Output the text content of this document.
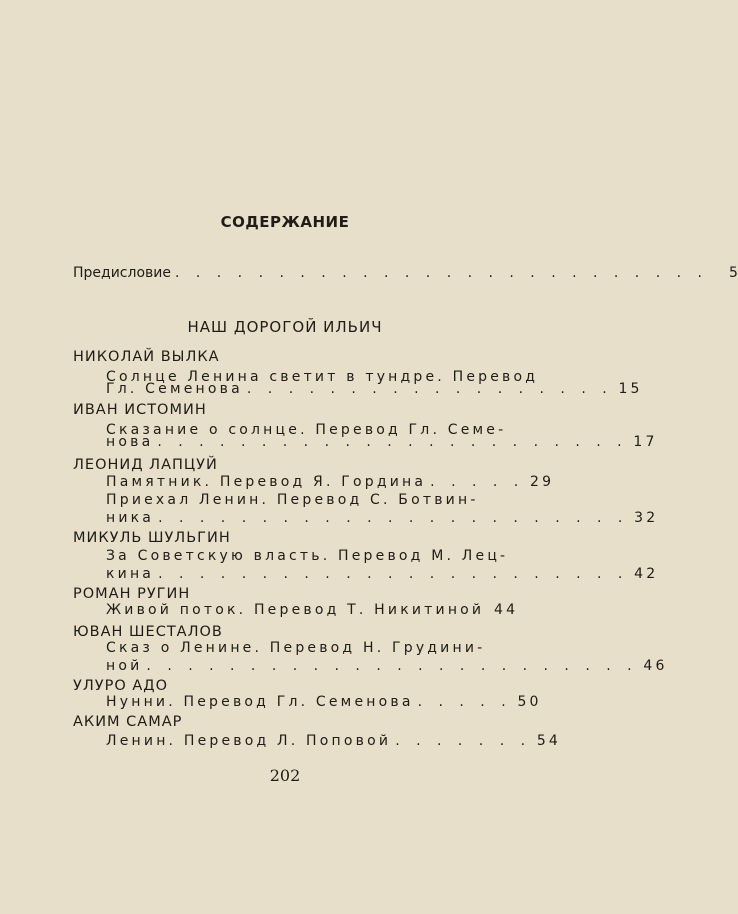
СОДЕРЖАНИЕ
Предисловие . . . . . . . . . . . . . . . . . . . . . . . . . .	5
НАШ ДОРОГОЙ ИЛЬИЧ
НИКОЛАЙ ВЫЛКА
Солнце Ленина светит в тундре. Перевод
Гл. Семенова . . . . . . . . . . . . . . . . . . 15
ИВАН ИСТОМИН
Сказание о солнце. Перевод Гл. Семе-
нова . . . . . . . . . . . . . . . . . . . . . . . 17
ЛЕОНИД ЛАПЦУЙ
Памятник. Перевод Я. Гордина . . . . . 29
Приехал Ленин. Перевод С. Ботвин-
ника . . . . . . . . . . . . . . . . . . . . . . . 32
МИКУЛЬ ШУЛЬГИН
За Советскую власть. Перевод М. Лец-
кина . . . . . . . . . . . . . . . . . . . . . . . 42
РОМАН РУГИН
Живой поток. Перевод Т. Никитиной 44
ЮВАН ШЕСТАЛОВ
Сказ о Ленине. Перевод Н. Грудини-
ной . . . . . . . . . . . . . . . . . . . . . . . . 46
УЛУРО АДО
Нунни. Перевод Гл. Семенова . . . . . 50
АКИМ САМАР
Ленин. Перевод Л. Поповой . . . . . . . 54
202
